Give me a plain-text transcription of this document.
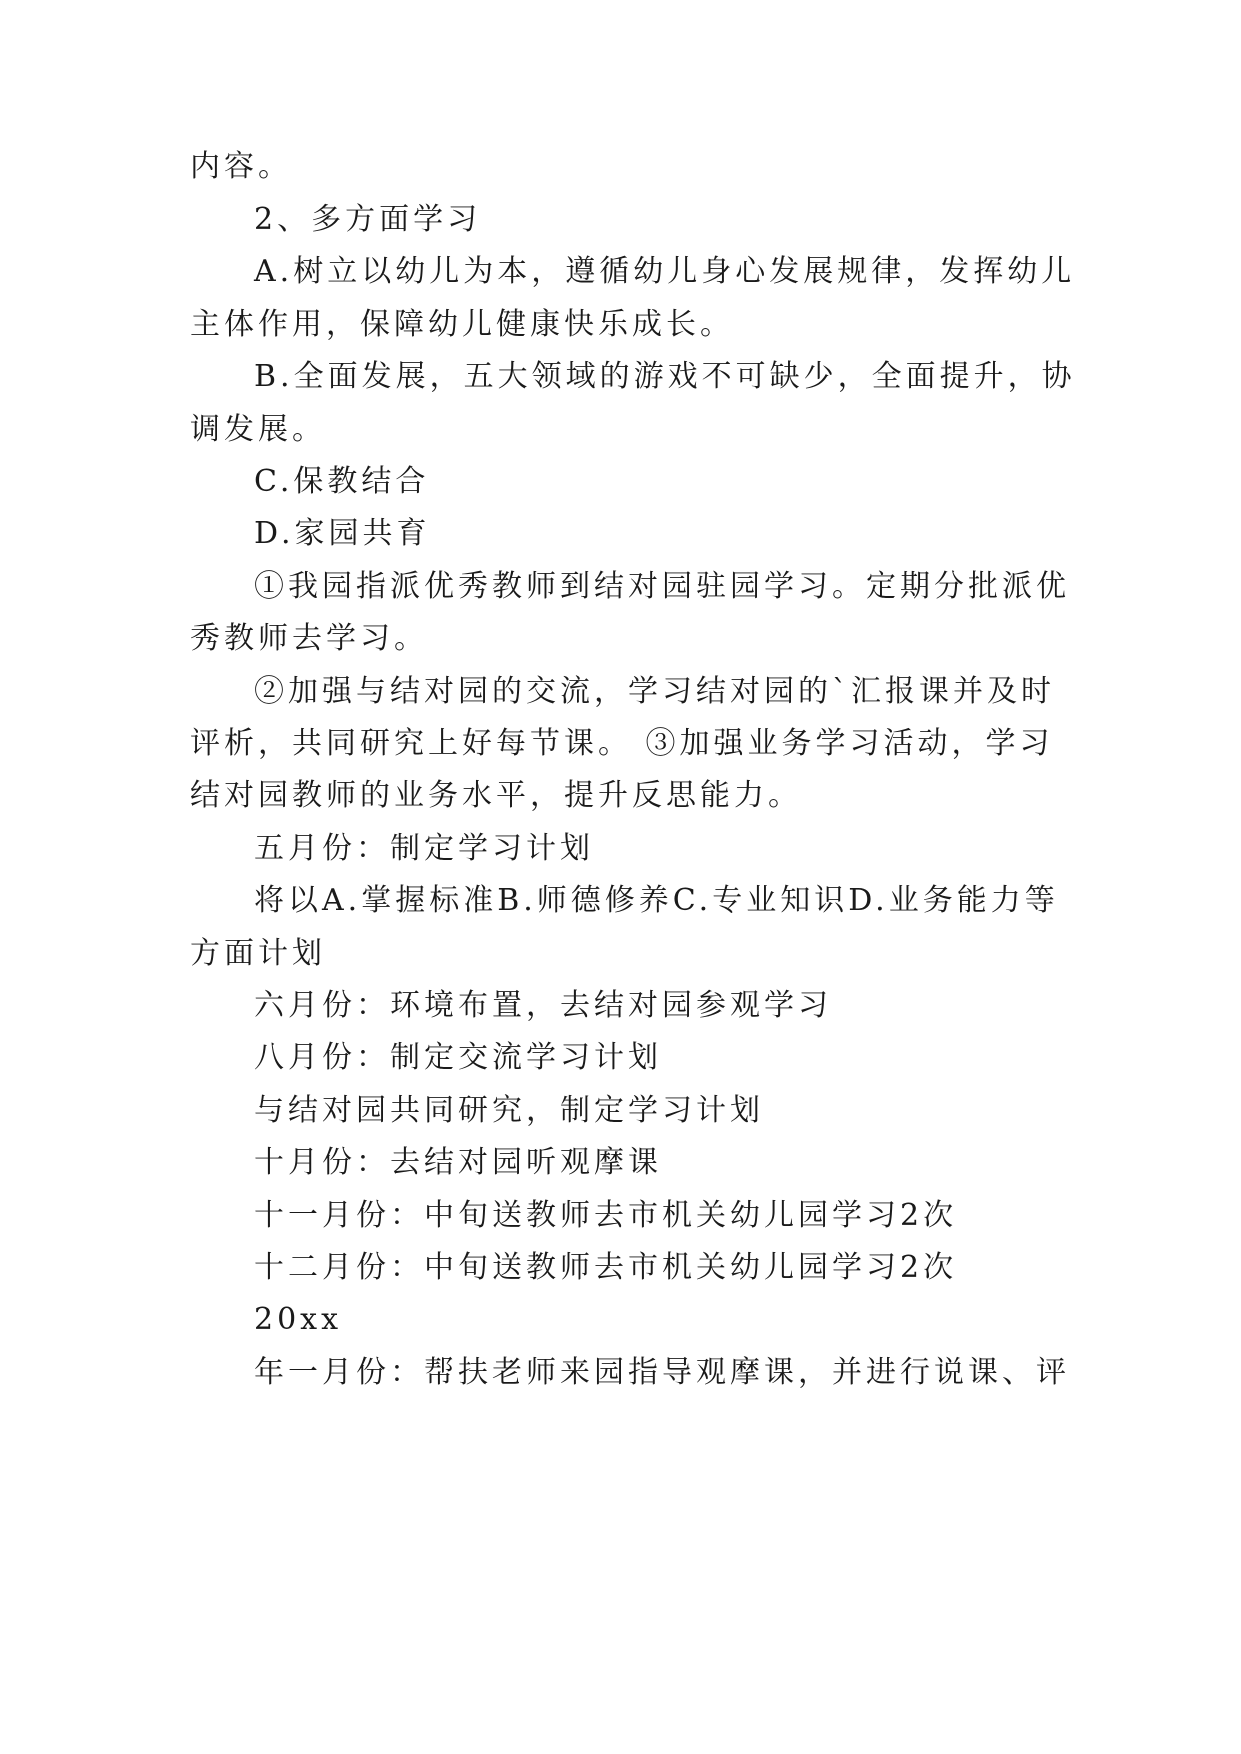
内容。

2、多方面学习

A.树立以幼儿为本，遵循幼儿身心发展规律，发挥幼儿

主体作用，保障幼儿健康快乐成长。

B.全面发展，五大领域的游戏不可缺少，全面提升，协

调发展。

C.保教结合

D.家园共育

①我园指派优秀教师到结对园驻园学习。定期分批派优

秀教师去学习。

②加强与结对园的交流，学习结对园的`汇报课并及时

评析，共同研究上好每节课。 ③加强业务学习活动，学习

结对园教师的业务水平，提升反思能力。

五月份：制定学习计划

将以A.掌握标准B.师德修养C.专业知识D.业务能力等

方面计划

六月份：环境布置，去结对园参观学习

八月份：制定交流学习计划

与结对园共同研究，制定学习计划

十月份：去结对园听观摩课

十一月份：中旬送教师去市机关幼儿园学习2次

十二月份：中旬送教师去市机关幼儿园学习2次

20xx

年一月份：帮扶老师来园指导观摩课，并进行说课、评
